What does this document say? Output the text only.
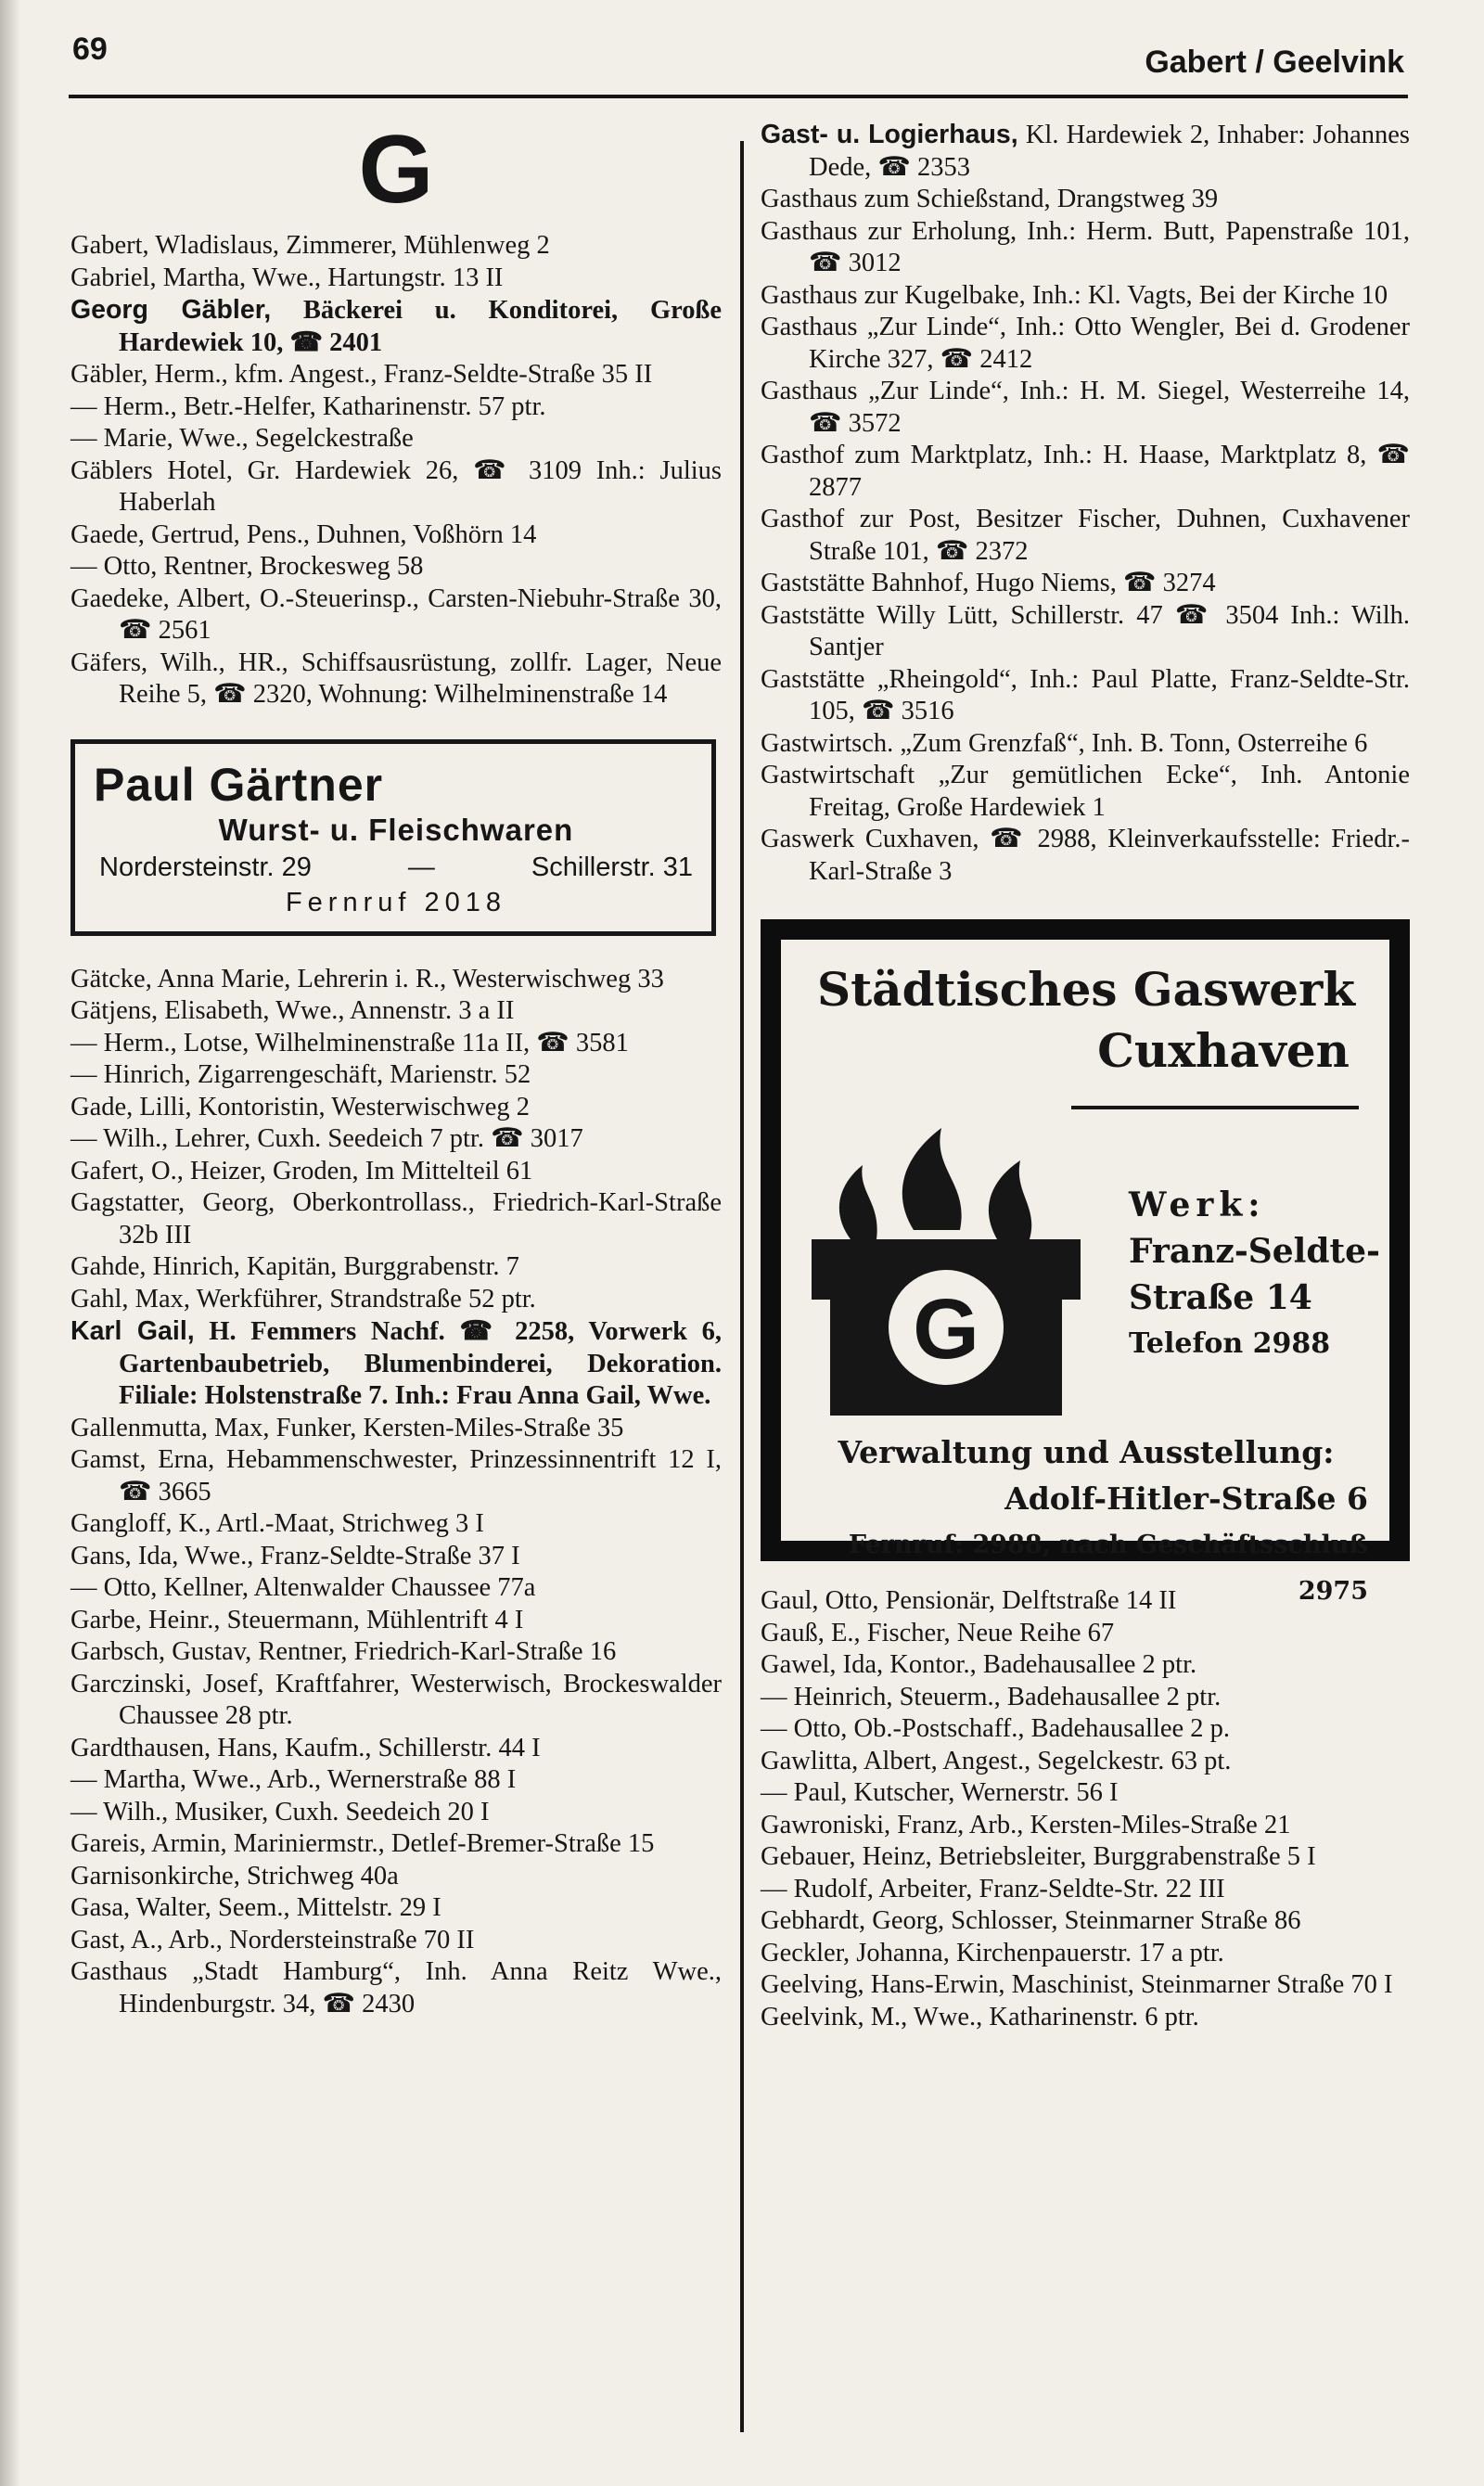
69	Gabert / Geelvink
G
Gabert, Wladislaus, Zimmerer, Mühlenweg 2
Gabriel, Martha, Wwe., Hartungstr. 13 II
Georg Gäbler, Bäckerei u. Konditorei, Große Hardewiek 10, ☎ 2401
Gäbler, Herm., kfm. Angest., Franz-Seldte-Straße 35 II
— Herm., Betr.-Helfer, Katharinenstr. 57 ptr.
— Marie, Wwe., Segelckestraße
Gäblers Hotel, Gr. Hardewiek 26, ☎ 3109 Inh.: Julius Haberlah
Gaede, Gertrud, Pens., Duhnen, Voßhörn 14
— Otto, Rentner, Brockesweg 58
Gaedeke, Albert, O.-Steuerinsp., Carsten-Niebuhr-Straße 30, ☎ 2561
Gäfers, Wilh., HR., Schiffsausrüstung, zollfr. Lager, Neue Reihe 5, ☎ 2320, Wohnung: Wilhelminenstraße 14
Paul Gärtner
Wurst- u. Fleischwaren
Nordersteinstr. 29	—	Schillerstr. 31
Fernruf 2018
Gätcke, Anna Marie, Lehrerin i. R., Westerwischweg 33
Gätjens, Elisabeth, Wwe., Annenstr. 3 a II
— Herm., Lotse, Wilhelminenstraße 11a II, ☎ 3581
— Hinrich, Zigarrengeschäft, Marienstr. 52
Gade, Lilli, Kontoristin, Westerwischweg 2
— Wilh., Lehrer, Cuxh. Seedeich 7 ptr. ☎ 3017
Gafert, O., Heizer, Groden, Im Mittelteil 61
Gagstatter, Georg, Oberkontrollass., Friedrich-Karl-Straße 32b III
Gahde, Hinrich, Kapitän, Burggrabenstr. 7
Gahl, Max, Werkführer, Strandstraße 52 ptr.
Karl Gail, H. Femmers Nachf. ☎ 2258, Vorwerk 6, Gartenbaubetrieb, Blumenbinderei, Dekoration. Filiale: Holstenstraße 7. Inh.: Frau Anna Gail, Wwe.
Gallenmutta, Max, Funker, Kersten-Miles-Straße 35
Gamst, Erna, Hebammenschwester, Prinzessinnentrift 12 I, ☎ 3665
Gangloff, K., Artl.-Maat, Strichweg 3 I
Gans, Ida, Wwe., Franz-Seldte-Straße 37 I
— Otto, Kellner, Altenwalder Chaussee 77a
Garbe, Heinr., Steuermann, Mühlentrift 4 I
Garbsch, Gustav, Rentner, Friedrich-Karl-Straße 16
Garczinski, Josef, Kraftfahrer, Westerwisch, Brockeswalder Chaussee 28 ptr.
Gardthausen, Hans, Kaufm., Schillerstr. 44 I
— Martha, Wwe., Arb., Wernerstraße 88 I
— Wilh., Musiker, Cuxh. Seedeich 20 I
Gareis, Armin, Mariniermstr., Detlef-Bremer-Straße 15
Garnisonkirche, Strichweg 40a
Gasa, Walter, Seem., Mittelstr. 29 I
Gast, A., Arb., Nordersteinstraße 70 II
Gasthaus „Stadt Hamburg“, Inh. Anna Reitz Wwe., Hindenburgstr. 34, ☎ 2430
Gast- u. Logierhaus, Kl. Hardewiek 2, Inhaber: Johannes Dede, ☎ 2353
Gasthaus zum Schießstand, Drangstweg 39
Gasthaus zur Erholung, Inh.: Herm. Butt, Papenstraße 101, ☎ 3012
Gasthaus zur Kugelbake, Inh.: Kl. Vagts, Bei der Kirche 10
Gasthaus „Zur Linde“, Inh.: Otto Wengler, Bei d. Grodener Kirche 327, ☎ 2412
Gasthaus „Zur Linde“, Inh.: H. M. Siegel, Westerreihe 14, ☎ 3572
Gasthof zum Marktplatz, Inh.: H. Haase, Marktplatz 8, ☎ 2877
Gasthof zur Post, Besitzer Fischer, Duhnen, Cuxhavener Straße 101, ☎ 2372
Gaststätte Bahnhof, Hugo Niems, ☎ 3274
Gaststätte Willy Lütt, Schillerstr. 47 ☎ 3504 Inh.: Wilh. Santjer
Gaststätte „Rheingold“, Inh.: Paul Platte, Franz-Seldte-Str. 105, ☎ 3516
Gastwirtsch. „Zum Grenzfaß“, Inh. B. Tonn, Osterreihe 6
Gastwirtschaft „Zur gemütlichen Ecke“, Inh. Antonie Freitag, Große Hardewiek 1
Gaswerk Cuxhaven, ☎ 2988, Kleinverkaufsstelle: Friedr.-Karl-Straße 3
Städtisches Gaswerk
Cuxhaven
G
Werk:
Franz-Seldte-
Straße 14
Telefon 2988
Verwaltung und Ausstellung:
Adolf-Hitler-Straße 6
Fernruf: 2988, nach Geschäftsschluß 2975
Gaul, Otto, Pensionär, Delftstraße 14 II
Gauß, E., Fischer, Neue Reihe 67
Gawel, Ida, Kontor., Badehausallee 2 ptr.
— Heinrich, Steuerm., Badehausallee 2 ptr.
— Otto, Ob.-Postschaff., Badehausallee 2 p.
Gawlitta, Albert, Angest., Segelckestr. 63 pt.
— Paul, Kutscher, Wernerstr. 56 I
Gawroniski, Franz, Arb., Kersten-Miles-Straße 21
Gebauer, Heinz, Betriebsleiter, Burggrabenstraße 5 I
— Rudolf, Arbeiter, Franz-Seldte-Str. 22 III
Gebhardt, Georg, Schlosser, Steinmarner Straße 86
Geckler, Johanna, Kirchenpauerstr. 17 a ptr.
Geelving, Hans-Erwin, Maschinist, Steinmarner Straße 70 I
Geelvink, M., Wwe., Katharinenstr. 6 ptr.
